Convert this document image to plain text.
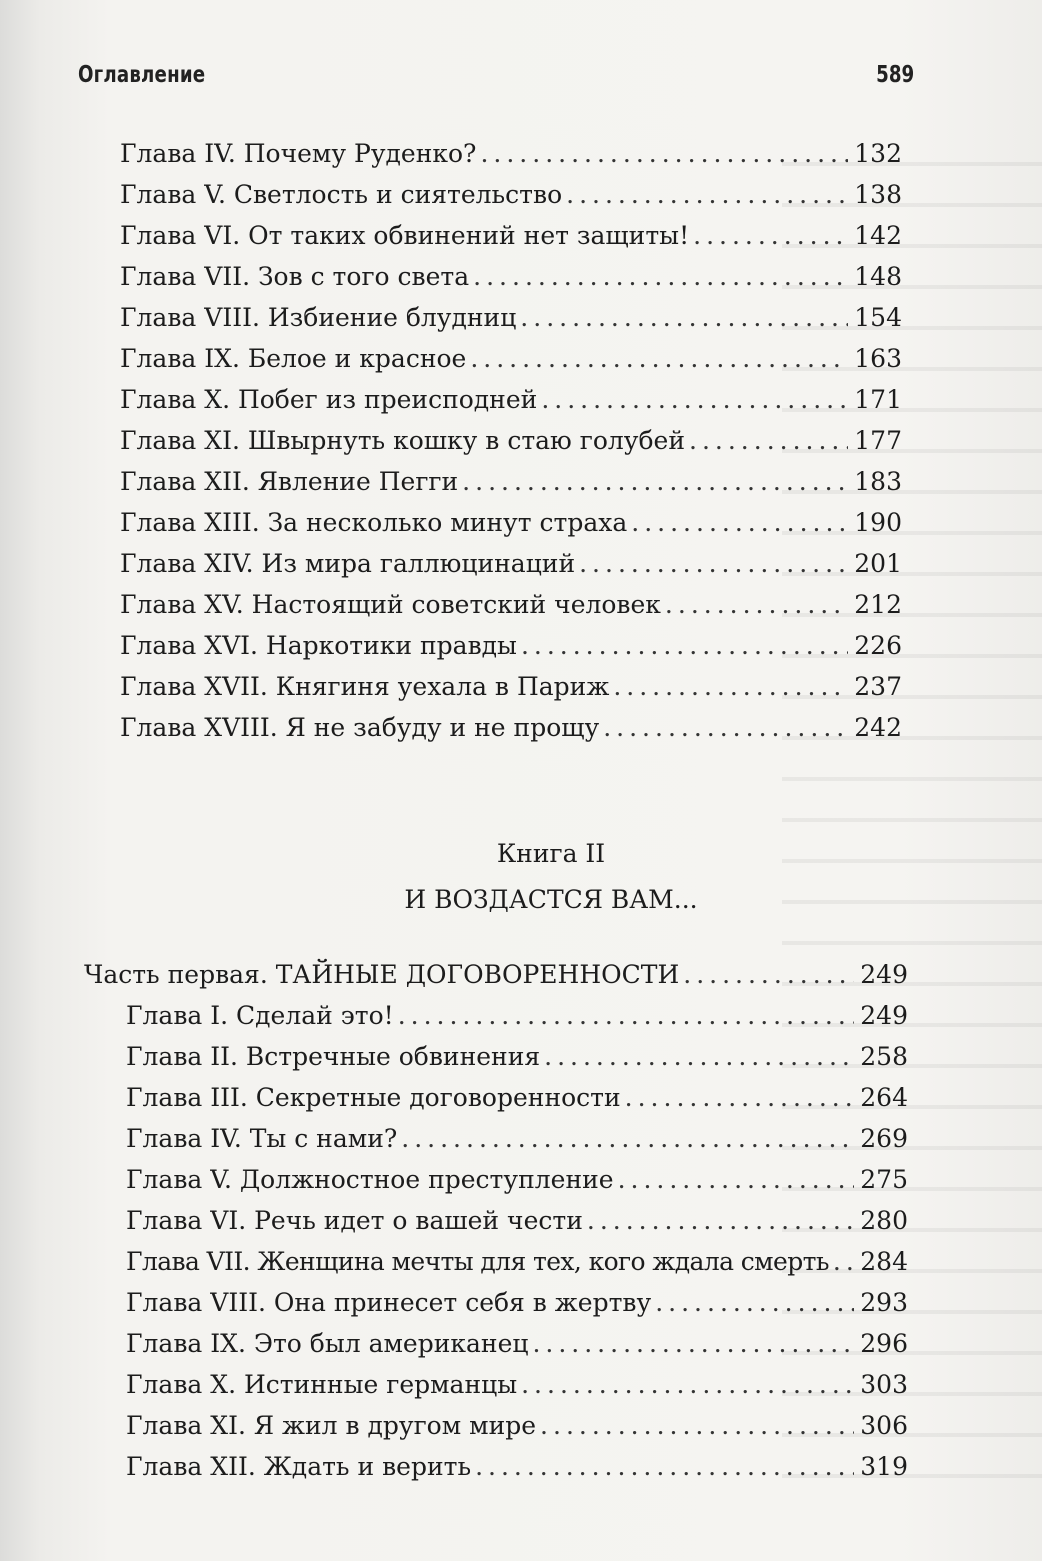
Оглавление	589
Глава IV. Почему Руденко? .....	132
Глава V. Светлость и сиятельство .....	138
Глава VI. От таких обвинений нет защиты! .....	142
Глава VII. Зов с того света .....	148
Глава VIII. Избиение блудниц .....	154
Глава IX. Белое и красное .....	163
Глава X. Побег из преисподней .....	171
Глава XI. Швырнуть кошку в стаю голубей .....	177
Глава XII. Явление Пегги .....	183
Глава XIII. За несколько минут страха .....	190
Глава XIV. Из мира галлюцинаций .....	201
Глава XV. Настоящий советский человек .....	212
Глава XVI. Наркотики правды .....	226
Глава XVII. Княгиня уехала в Париж .....	237
Глава XVIII. Я не забуду и не прощу .....	242
Книга II
И ВОЗДАСТСЯ ВАМ...
Часть первая. ТАЙНЫЕ ДОГОВОРЕННОСТИ .....	249
Глава I. Сделай это! .....	249
Глава II. Встречные обвинения .....	258
Глава III. Секретные договоренности .....	264
Глава IV. Ты с нами? .....	269
Глава V. Должностное преступление .....	275
Глава VI. Речь идет о вашей чести .....	280
Глава VII. Женщина мечты для тех, кого ждала смерть ..... 284
Глава VIII. Она принесет себя в жертву .....	293
Глава IX. Это был американец .....	296
Глава X. Истинные германцы .....	303
Глава XI. Я жил в другом мире .....	306
Глава XII. Ждать и верить .....	319
